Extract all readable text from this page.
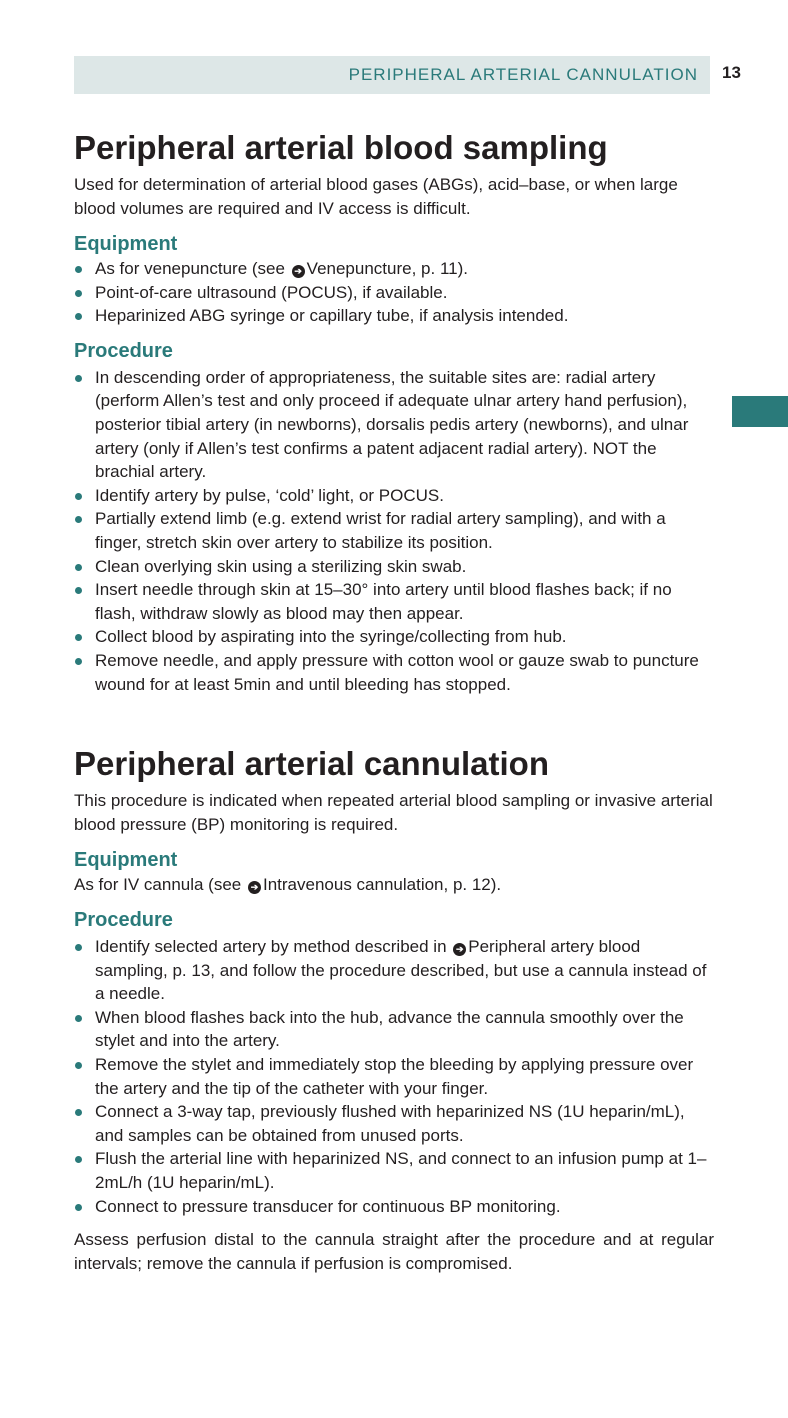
PERIPHERAL ARTERIAL CANNULATION 13
Peripheral arterial blood sampling

Used for determination of arterial blood gases (ABGs), acid–base, or when large blood volumes are required and IV access is difficult.

Equipment
As for venepuncture (see ➔ Venepuncture, p. 11).
Point-of-care ultrasound (POCUS), if available.
Heparinized ABG syringe or capillary tube, if analysis intended.
Procedure
In descending order of appropriateness, the suitable sites are: radial artery (perform Allen’s test and only proceed if adequate ulnar artery hand perfusion), posterior tibial artery (in newborns), dorsalis pedis artery (newborns), and ulnar artery (only if Allen’s test confirms a patent adjacent radial artery). NOT the brachial artery.
Identify artery by pulse, ‘cold’ light, or POCUS.
Partially extend limb (e.g. extend wrist for radial artery sampling), and with a finger, stretch skin over artery to stabilize its position.
Clean overlying skin using a sterilizing skin swab.
Insert needle through skin at 15–30° into artery until blood flashes back; if no flash, withdraw slowly as blood may then appear.
Collect blood by aspirating into the syringe/collecting from hub.
Remove needle, and apply pressure with cotton wool or gauze swab to puncture wound for at least 5min and until bleeding has stopped.
Peripheral arterial cannulation

This procedure is indicated when repeated arterial blood sampling or invasive arterial blood pressure (BP) monitoring is required.

Equipment

As for IV cannula (see ➔ Intravenous cannulation, p. 12).

Procedure
Identify selected artery by method described in ➔ Peripheral artery blood sampling, p. 13, and follow the procedure described, but use a cannula instead of a needle.
When blood flashes back into the hub, advance the cannula smoothly over the stylet and into the artery.
Remove the stylet and immediately stop the bleeding by applying pressure over the artery and the tip of the catheter with your finger.
Connect a 3-way tap, previously flushed with heparinized NS (1U heparin/mL), and samples can be obtained from unused ports.
Flush the arterial line with heparinized NS, and connect to an infusion pump at 1–2mL/h (1U heparin/mL).
Connect to pressure transducer for continuous BP monitoring.

Assess perfusion distal to the cannula straight after the procedure and at regular intervals; remove the cannula if perfusion is compromised.
